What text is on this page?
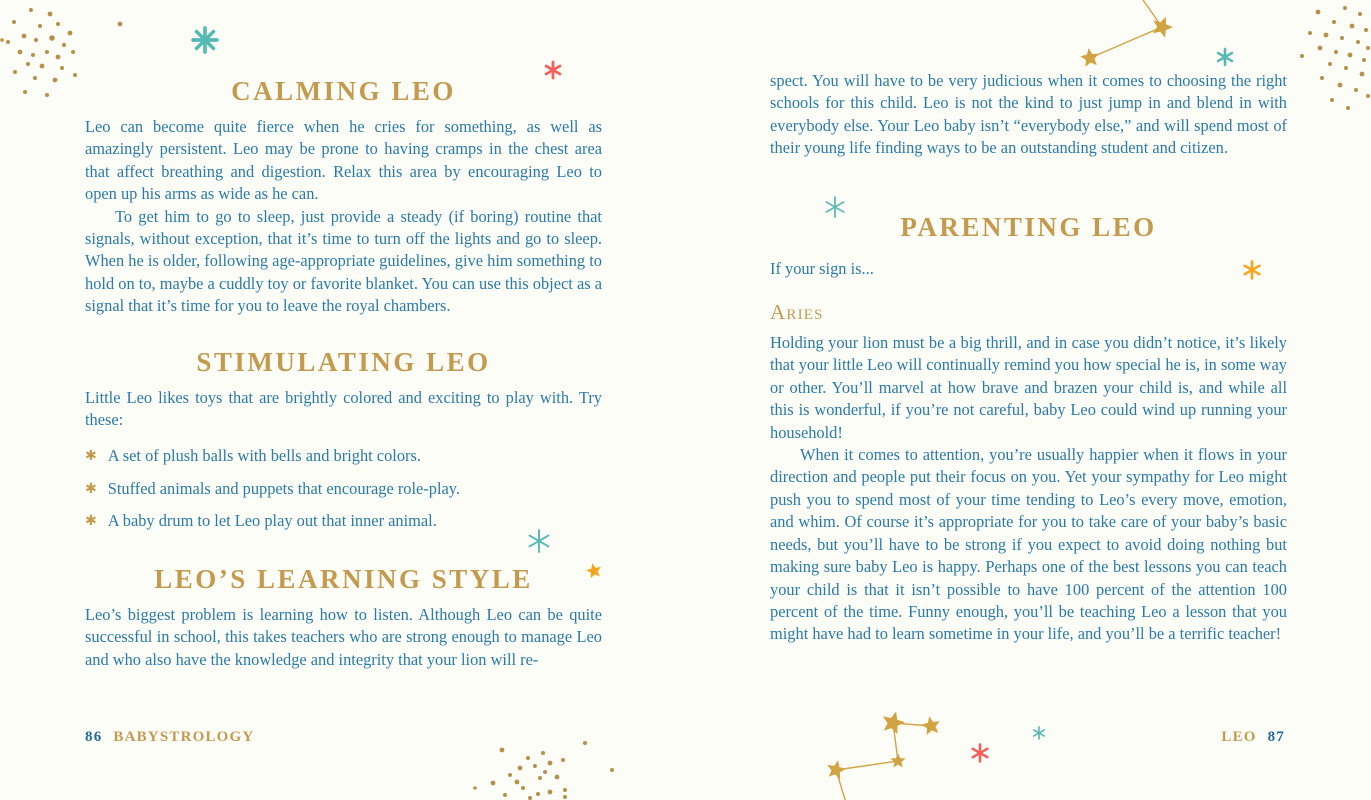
CALMING LEO

Leo can become quite fierce when he cries for something, as well as amazingly persistent. Leo may be prone to having cramps in the chest area that affect breathing and digestion. Relax this area by encouraging Leo to open up his arms as wide as he can.

To get him to go to sleep, just provide a steady (if boring) routine that signals, without exception, that it’s time to turn off the lights and go to sleep. When he is older, following age-appropriate guidelines, give him something to hold on to, maybe a cuddly toy or favorite blanket. You can use this object as a signal that it’s time for you to leave the royal chambers.

STIMULATING LEO

Little Leo likes toys that are brightly colored and exciting to play with. Try these:

✱ A set of plush balls with bells and bright colors.
✱ Stuffed animals and puppets that encourage role-play.
✱ A baby drum to let Leo play out that inner animal.
LEO’S LEARNING STYLE

Leo’s biggest problem is learning how to listen. Although Leo can be quite successful in school, this takes teachers who are strong enough to manage Leo and who also have the knowledge and integrity that your lion will re-

86 BABYSTROLOGY

spect. You will have to be very judicious when it comes to choosing the right schools for this child. Leo is not the kind to just jump in and blend in with everybody else. Your Leo baby isn’t “everybody else,” and will spend most of their young life finding ways to be an outstanding student and citizen.

PARENTING LEO

If your sign is...

Aries

Holding your lion must be a big thrill, and in case you didn’t notice, it’s likely that your little Leo will continually remind you how special he is, in some way or other. You’ll marvel at how brave and brazen your child is, and while all this is wonderful, if you’re not careful, baby Leo could wind up running your household!

When it comes to attention, you’re usually happier when it flows in your direction and people put their focus on you. Yet your sympathy for Leo might push you to spend most of your time tending to Leo’s every move, emotion, and whim. Of course it’s appropriate for you to take care of your baby’s basic needs, but you’ll have to be strong if you expect to avoid doing nothing but making sure baby Leo is happy. Perhaps one of the best lessons you can teach your child is that it isn’t possible to have 100 percent of the attention 100 percent of the time. Funny enough, you’ll be teaching Leo a lesson that you might have had to learn sometime in your life, and you’ll be a terrific teacher!

LEO 87
